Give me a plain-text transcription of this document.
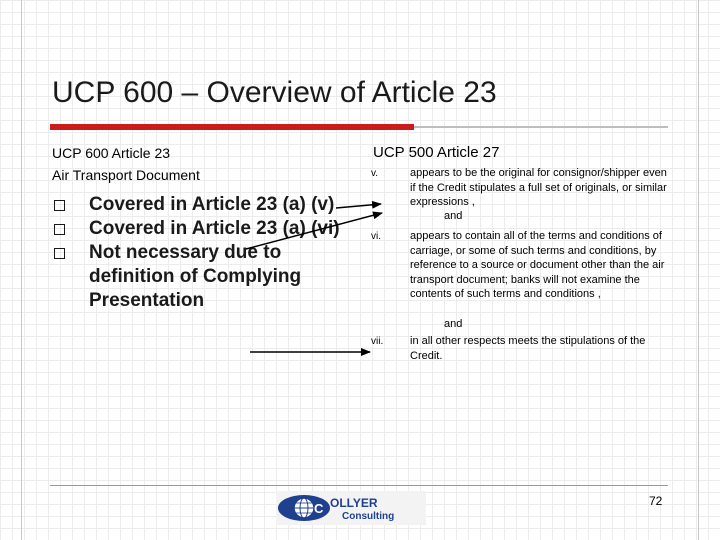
UCP 600 – Overview of Article 23
UCP 600 Article 23
Air Transport Document
UCP 500 Article 27
Covered in Article 23 (a) (v)
Covered in Article 23 (a) (vi)
Not necessary due to definition of Complying Presentation
v.	appears to be the original for consignor/shipper even if the Credit stipulates a full set of originals, or similar expressions ,
and
vi.	appears to contain all of the terms and conditions of carriage, or some of such terms and conditions, by reference to a source or document other than the air transport document; banks will not examine the contents of such terms and conditions ,
and
vii. in all other respects meets the stipulations of the Credit.
72
C OLLYER
Consulting
